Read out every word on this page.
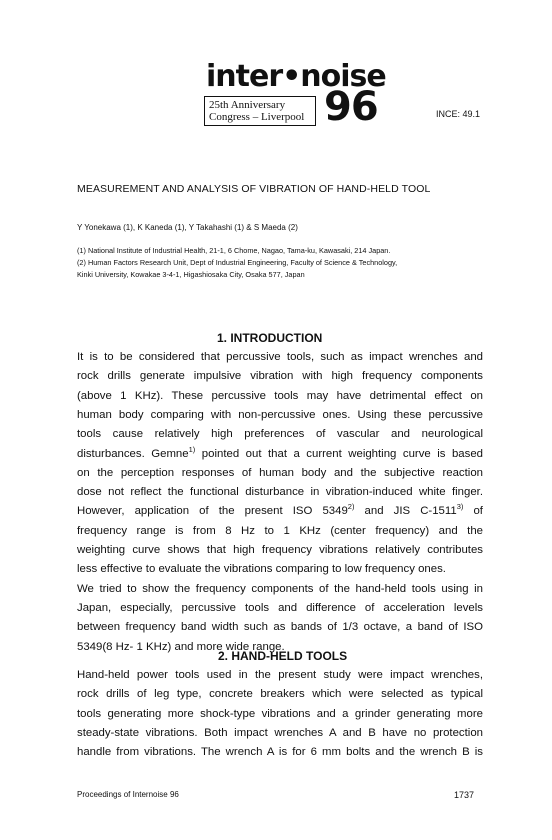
inter•noise
25th Anniversary
Congress – Liverpool 96	INCE: 49.1
MEASUREMENT AND ANALYSIS OF VIBRATION OF HAND-HELD TOOL
Y Yonekawa (1), K Kaneda (1), Y Takahashi (1) & S Maeda (2)
(1) National Institute of Industrial Health, 21-1, 6 Chome, Nagao, Tama-ku, Kawasaki, 214 Japan.
(2) Human Factors Research Unit, Dept of Industrial Engineering, Faculty of Science & Technology,
Kinki University, Kowakae 3-4-1, Higashiosaka City, Osaka 577, Japan
1. INTRODUCTION
It is to be considered that percussive tools, such as impact wrenches and
rock drills generate impulsive vibration with high frequency components
(above 1 KHz). These percussive tools may have detrimental effect on
human body comparing with non-percussive ones. Using these percussive
tools cause relatively high preferences of vascular and neurological
disturbances. Gemne$^{1)}$ pointed out that a current weighting curve is based
on the perception responses of human body and the subjective reaction
dose not reflect the functional disturbance in vibration-induced white finger.
However, application of the present ISO 5349$^{2)}$ and JIS C-1511$^{3)}$ of
frequency range is from 8 Hz to 1 KHz (center frequency) and the
weighting curve shows that high frequency vibrations relatively contributes
less effective to evaluate the vibrations comparing to low frequency ones.
We tried to show the frequency components of the hand-held tools using in
Japan, especially, percussive tools and difference of acceleration levels
between frequency band width such as bands of 1/3 octave, a band of ISO
5349(8 Hz- 1 KHz) and more wide range.
2. HAND-HELD TOOLS
Hand-held power tools used in the present study were impact wrenches,
rock drills of leg type, concrete breakers which were selected as typical
tools generating more shock-type vibrations and a grinder generating more
steady-state vibrations. Both impact wrenches A and B have no protection
handle from vibrations. The wrench A is for 6 mm bolts and the wrench B is
Proceedings of Internoise 96	1737
